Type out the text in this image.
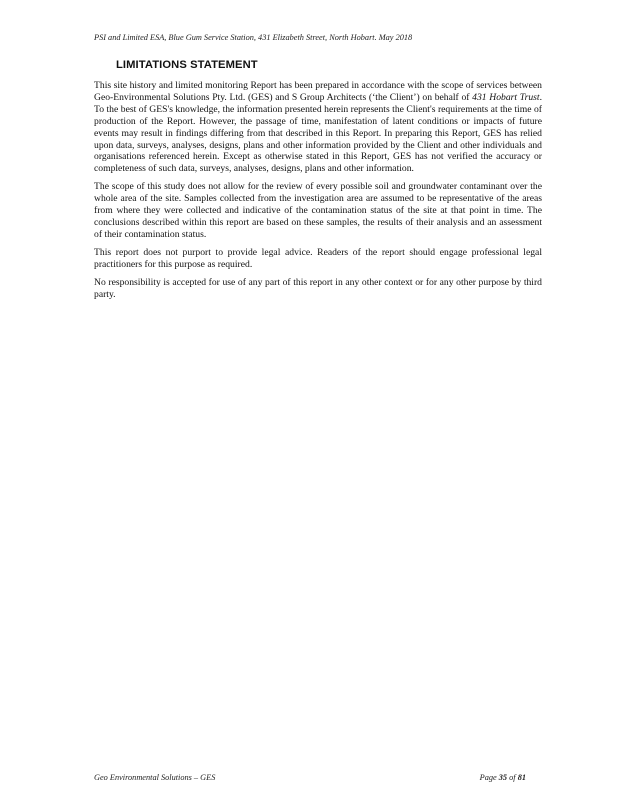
PSI and Limited ESA, Blue Gum Service Station, 431 Elizabeth Street, North Hobart. May 2018
LIMITATIONS STATEMENT

This site history and limited monitoring Report has been prepared in accordance with the scope of services between Geo-Environmental Solutions Pty. Ltd. (GES) and S Group Architects (‘the Client’) on behalf of 431 Hobart Trust. To the best of GES's knowledge, the information presented herein represents the Client's requirements at the time of production of the Report. However, the passage of time, manifestation of latent conditions or impacts of future events may result in findings differing from that described in this Report. In preparing this Report, GES has relied upon data, surveys, analyses, designs, plans and other information provided by the Client and other individuals and organisations referenced herein. Except as otherwise stated in this Report, GES has not verified the accuracy or completeness of such data, surveys, analyses, designs, plans and other information.

The scope of this study does not allow for the review of every possible soil and groundwater contaminant over the whole area of the site. Samples collected from the investigation area are assumed to be representative of the areas from where they were collected and indicative of the contamination status of the site at that point in time. The conclusions described within this report are based on these samples, the results of their analysis and an assessment of their contamination status.

This report does not purport to provide legal advice. Readers of the report should engage professional legal practitioners for this purpose as required.

No responsibility is accepted for use of any part of this report in any other context or for any other purpose by third party.

Geo Environmental Solutions – GES	Page 35 of 81
